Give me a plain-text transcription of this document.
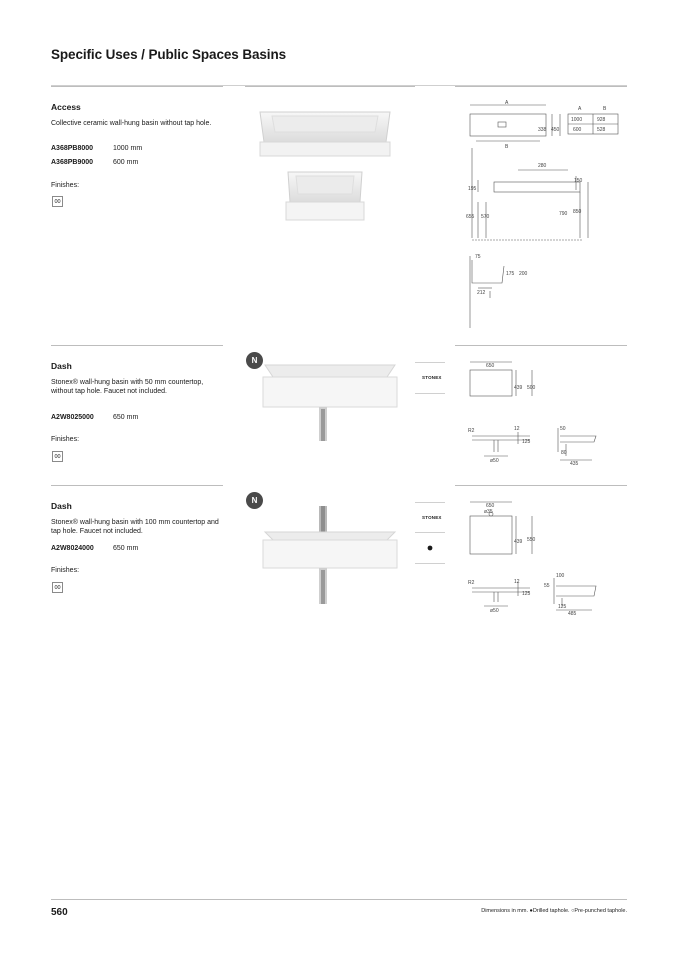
Specific Uses / Public Spaces Basins
Access
Collective ceramic wall-hung basin without tap hole.
A368PB8000	1000 mm
A368PB9000	600 mm
Finishes:
00
A
B
338 450
A	B
1000	928
600	528
280
150
195
655 570	790 850
75
175 200
212
Dash
Stonex® wall-hung basin with 50 mm countertop, without tap hole. Faucet not included.
A2W8025000	650 mm
Finishes:
00
N
STONEX
650
439 500
R2	12
125
ø50
50
80
435
Dash
Stonex® wall-hung basin with 100 mm countertop and tap hole. Faucet not included.
A2W8024000	650 mm
Finishes:
00
N
STONEX
650
ø35
439 550
R2	12
125
ø50
100
55
125
485
560	Dimensions in mm. ●Drilled taphole. ○Pre-punched taphole.
